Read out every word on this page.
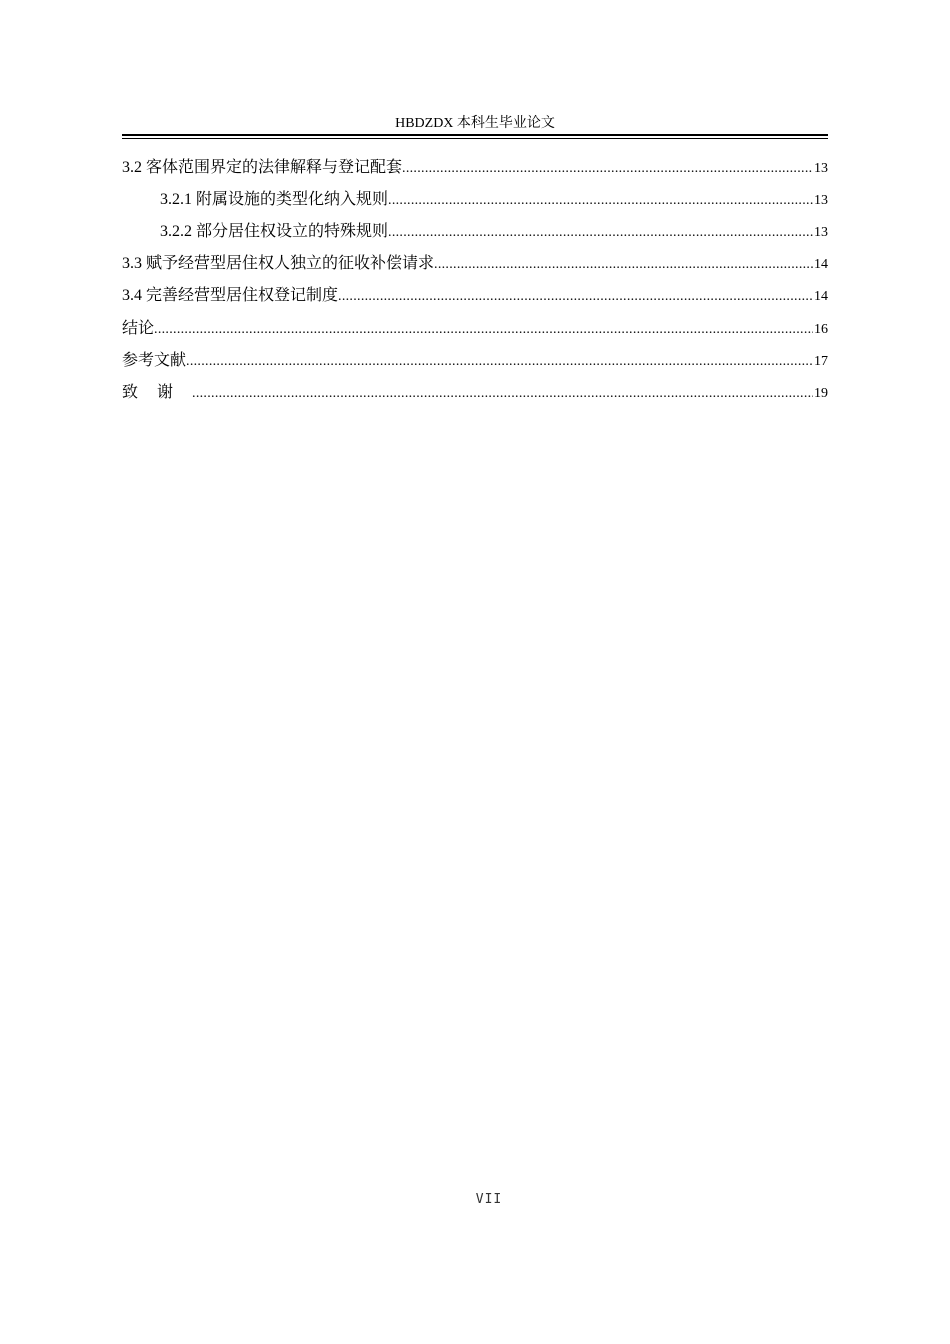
HBDZDX 本科生毕业论文
3.2 客体范围界定的法律解释与登记配套 .....	13
3.2.1 附属设施的类型化纳入规则 .....	13
3.2.2 部分居住权设立的特殊规则 .....	13
3.3 赋予经营型居住权人独立的征收补偿请求 .....	14
3.4 完善经营型居住权登记制度 .....	14
结论 .....	16
参考文献 .....	17
致谢 .....	19
VII
